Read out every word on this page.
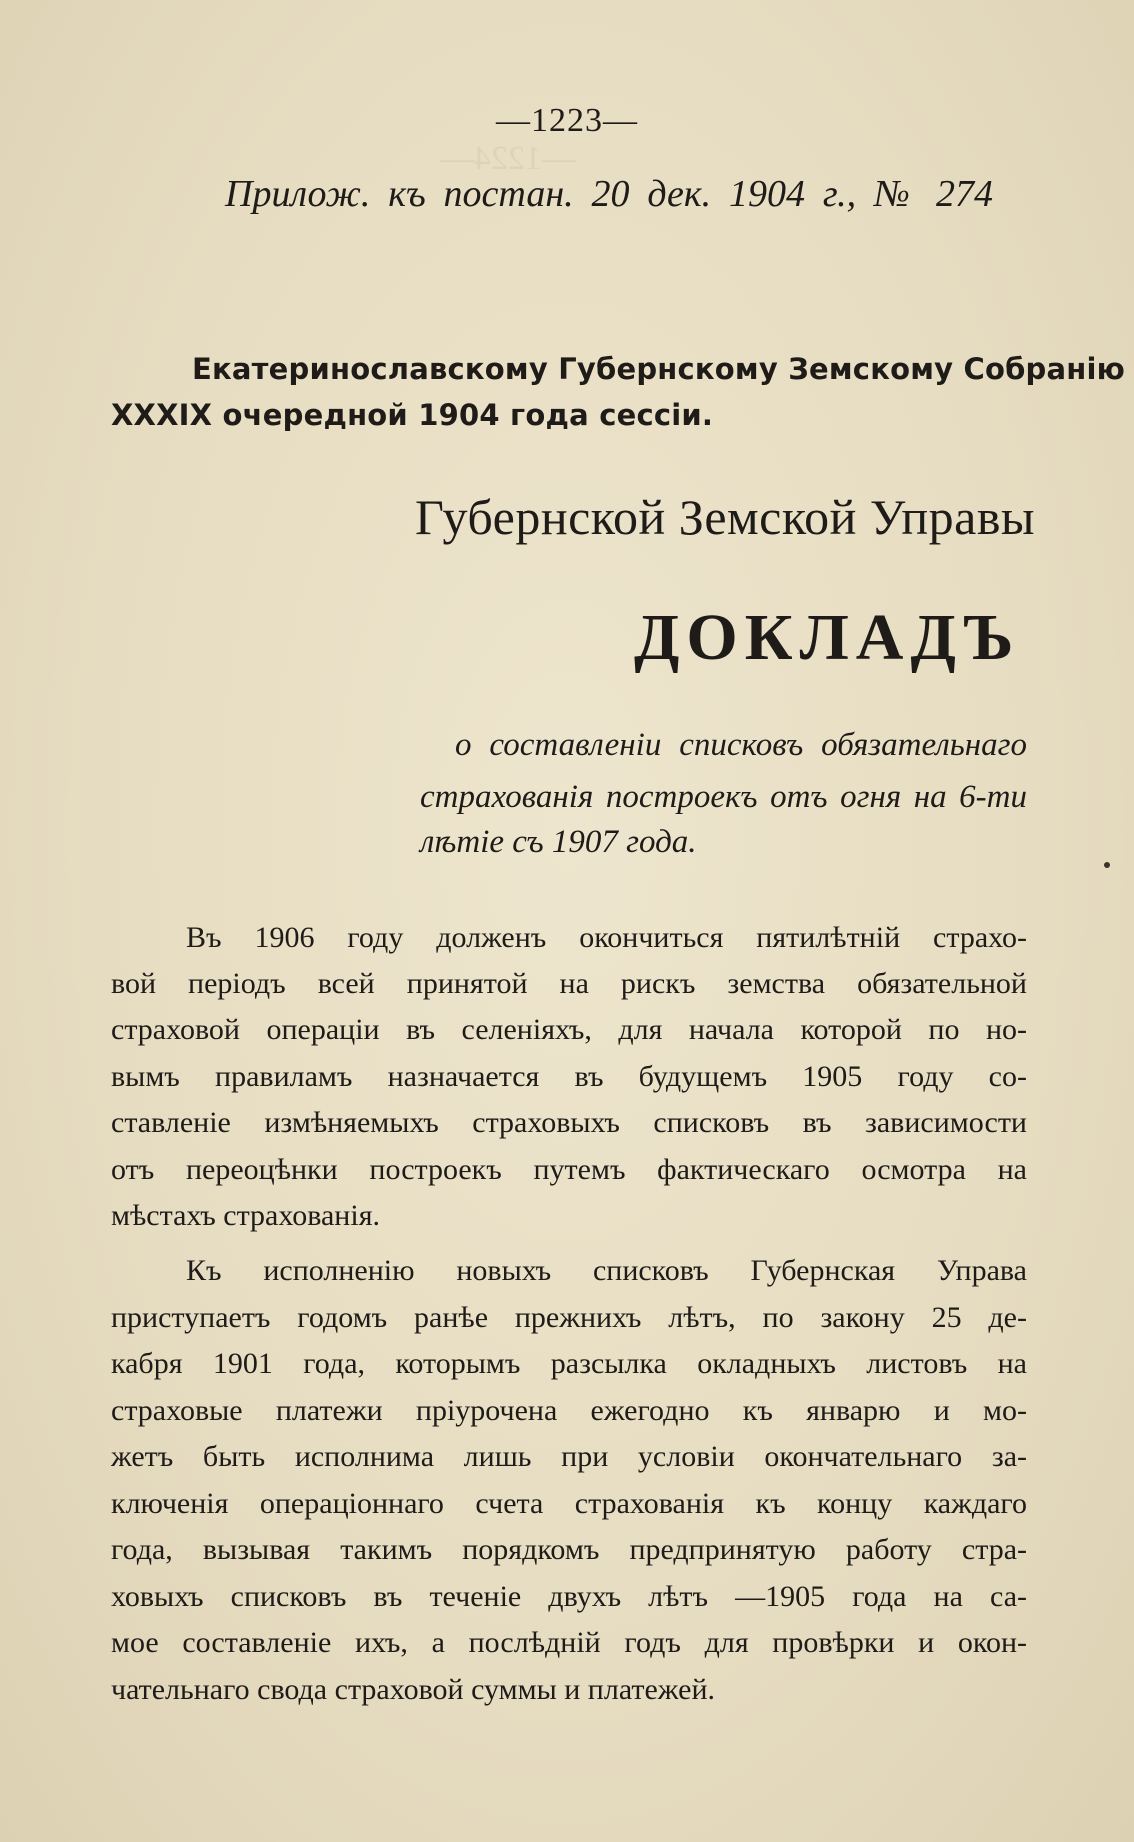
—1224—
—1223—
Прилож. къ постан. 20 дек. 1904 г., № 274
Екатеринославскому Губернскому Земскому Собранію
XXXIX очередной 1904 года сессіи.
Губернской Земской Управы
ДОКЛАДЪ
о составленіи списковъ обязательнаго
страхованія построекъ отъ огня на 6-ти
лѣтіе съ 1907 года.
Въ 1906 году долженъ окончиться пятилѣтній страхо-
вой періодъ всей принятой на рискъ земства обязательной
страховой операціи въ селеніяхъ, для начала которой по но-
вымъ правиламъ назначается въ будущемъ 1905 году со-
ставленіе измѣняемыхъ страховыхъ списковъ въ зависимости
отъ переоцѣнки построекъ путемъ фактическаго осмотра на
мѣстахъ страхованія.
Къ исполненію новыхъ списковъ Губернская Управа
приступаетъ годомъ ранѣе прежнихъ лѣтъ, по закону 25 де-
кабря 1901 года, которымъ разсылка окладныхъ листовъ на
страховые платежи пріурочена ежегодно къ январю и мо-
жетъ быть исполнима лишь при условіи окончательнаго за-
ключенія операціоннаго счета страхованія къ концу каждаго
года, вызывая такимъ порядкомъ предпринятую работу стра-
ховыхъ списковъ въ теченіе двухъ лѣтъ —1905 года на са-
мое составленіе ихъ, а послѣдній годъ для провѣрки и окон-
чательнаго свода страховой суммы и платежей.
